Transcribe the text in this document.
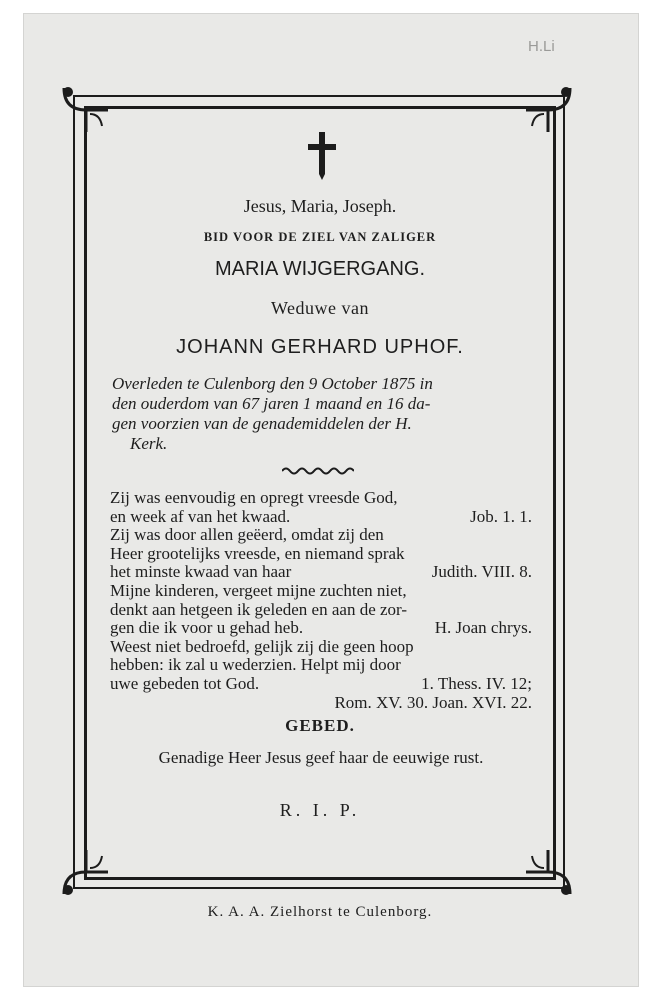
H.Li
Jesus, Maria, Joseph.
BID VOOR DE ZIEL VAN ZALIGER
MARIA WIJGERGANG.
Weduwe van
JOHANN GERHARD UPHOF.
Overleden te Culenborg den 9 October 1875 in
den ouderdom van 67 jaren 1 maand en 16 da-
gen voorzien van de genademiddelen der H.
Kerk.
Zij was eenvoudig en opregt vreesde God,
en week af van het kwaad.	Job. 1. 1.
Zij was door allen geëerd, omdat zij den
Heer grootelijks vreesde, en niemand sprak
het minste kwaad van haar	Judith. VIII. 8.
Mijne kinderen, vergeet mijne zuchten niet,
denkt aan hetgeen ik geleden en aan de zor-
gen die ik voor u gehad heb.	H. Joan chrys.
Weest niet bedroefd, gelijk zij die geen hoop
hebben: ik zal u wederzien. Helpt mij door
uwe gebeden tot God.	1. Thess. IV. 12;
Rom. XV. 30. Joan. XVI. 22.
GEBED.
Genadige Heer Jesus geef haar de eeuwige rust.
R. I. P.
K. A. A. Zielhorst te Culenborg.
